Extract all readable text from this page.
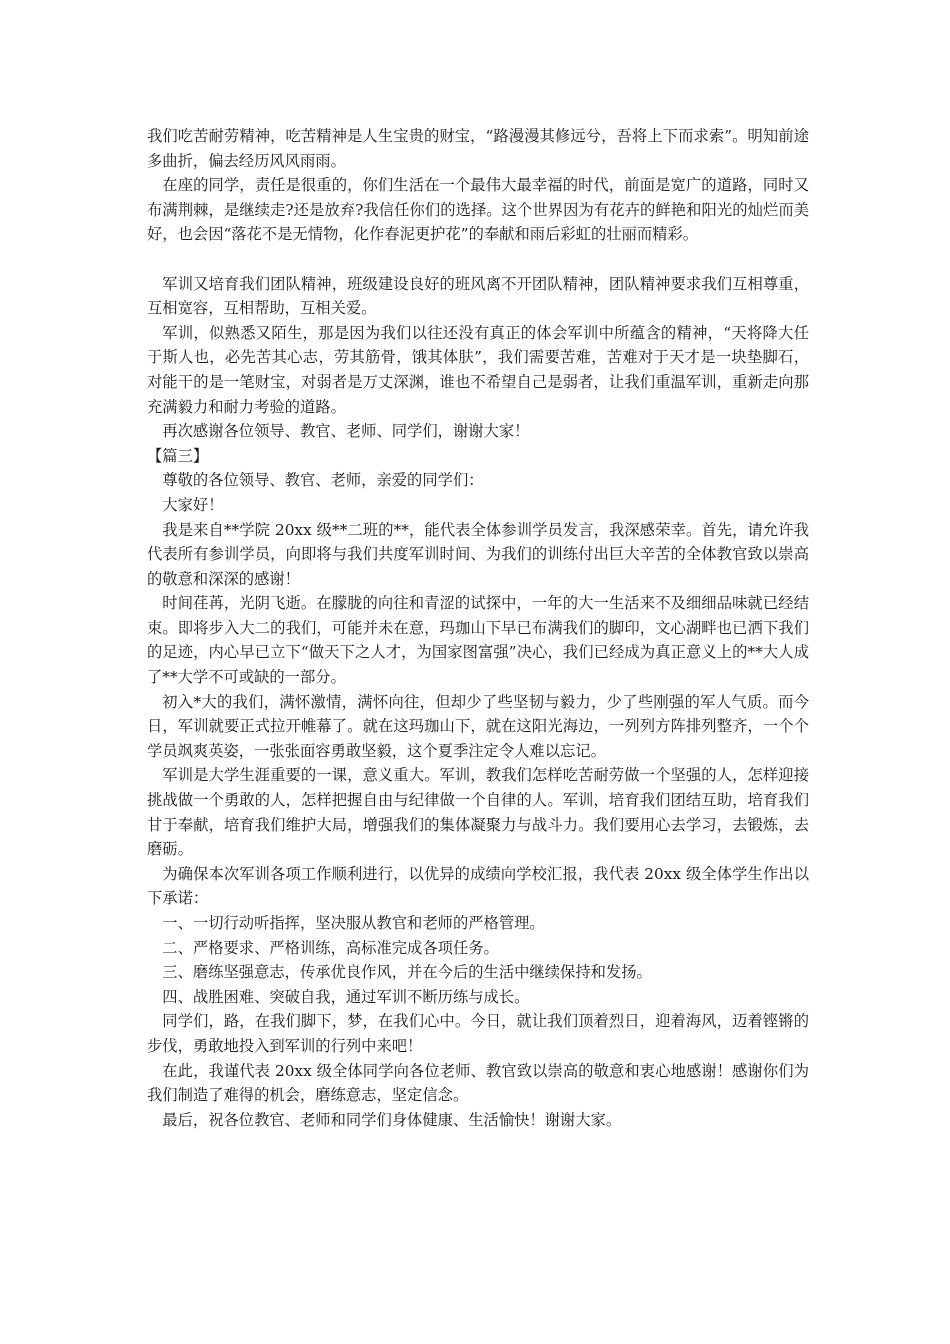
我们吃苦耐劳精神，吃苦精神是人生宝贵的财宝，“路漫漫其修远兮，吾将上下而求索”。明知前途多曲折，偏去经历风风雨雨。

在座的同学，责任是很重的，你们生活在一个最伟大最幸福的时代，前面是宽广的道路，同时又布满荆棘，是继续走?还是放弃?我信任你们的选择。这个世界因为有花卉的鲜艳和阳光的灿烂而美好，也会因“落花不是无情物，化作春泥更护花”的奉献和雨后彩虹的壮丽而精彩。

军训又培育我们团队精神，班级建设良好的班风离不开团队精神，团队精神要求我们互相尊重，互相宽容，互相帮助，互相关爱。

军训，似熟悉又陌生，那是因为我们以往还没有真正的体会军训中所蕴含的精神，“天将降大任于斯人也，必先苦其心志，劳其筋骨，饿其体肤”，我们需要苦难，苦难对于天才是一块垫脚石，对能干的是一笔财宝，对弱者是万丈深渊，谁也不希望自己是弱者，让我们重温军训，重新走向那充满毅力和耐力考验的道路。

再次感谢各位领导、教官、老师、同学们，谢谢大家！

【篇三】

尊敬的各位领导、教官、老师，亲爱的同学们：

大家好！

我是来自**学院 20xx 级**二班的**，能代表全体参训学员发言，我深感荣幸。首先，请允许我代表所有参训学员，向即将与我们共度军训时间、为我们的训练付出巨大辛苦的全体教官致以崇高的敬意和深深的感谢！

时间荏苒，光阴飞逝。在朦胧的向往和青涩的试探中，一年的大一生活来不及细细品味就已经结束。即将步入大二的我们，可能并未在意，玛珈山下早已布满我们的脚印，文心湖畔也已洒下我们的足迹，内心早已立下“做天下之人才，为国家图富强”决心，我们已经成为真正意义上的**大人成了**大学不可或缺的一部分。

初入*大的我们，满怀激情，满怀向往，但却少了些坚韧与毅力，少了些刚强的军人气质。而今日，军训就要正式拉开帷幕了。就在这玛珈山下，就在这阳光海边，一列列方阵排列整齐，一个个学员飒爽英姿，一张张面容勇敢坚毅，这个夏季注定令人难以忘记。

军训是大学生涯重要的一课，意义重大。军训，教我们怎样吃苦耐劳做一个坚强的人，怎样迎接挑战做一个勇敢的人，怎样把握自由与纪律做一个自律的人。军训，培育我们团结互助，培育我们甘于奉献，培育我们维护大局，增强我们的集体凝聚力与战斗力。我们要用心去学习，去锻炼，去磨砺。

为确保本次军训各项工作顺利进行，以优异的成绩向学校汇报，我代表 20xx 级全体学生作出以下承诺：

一、一切行动听指挥，坚决服从教官和老师的严格管理。

二、严格要求、严格训练，高标准完成各项任务。

三、磨练坚强意志，传承优良作风，并在今后的生活中继续保持和发扬。

四、战胜困难、突破自我，通过军训不断历练与成长。

同学们，路，在我们脚下，梦，在我们心中。今日，就让我们顶着烈日，迎着海风，迈着铿锵的步伐，勇敢地投入到军训的行列中来吧！

在此，我谨代表 20xx 级全体同学向各位老师、教官致以崇高的敬意和衷心地感谢！感谢你们为我们制造了难得的机会，磨练意志，坚定信念。

最后，祝各位教官、老师和同学们身体健康、生活愉快！谢谢大家。
